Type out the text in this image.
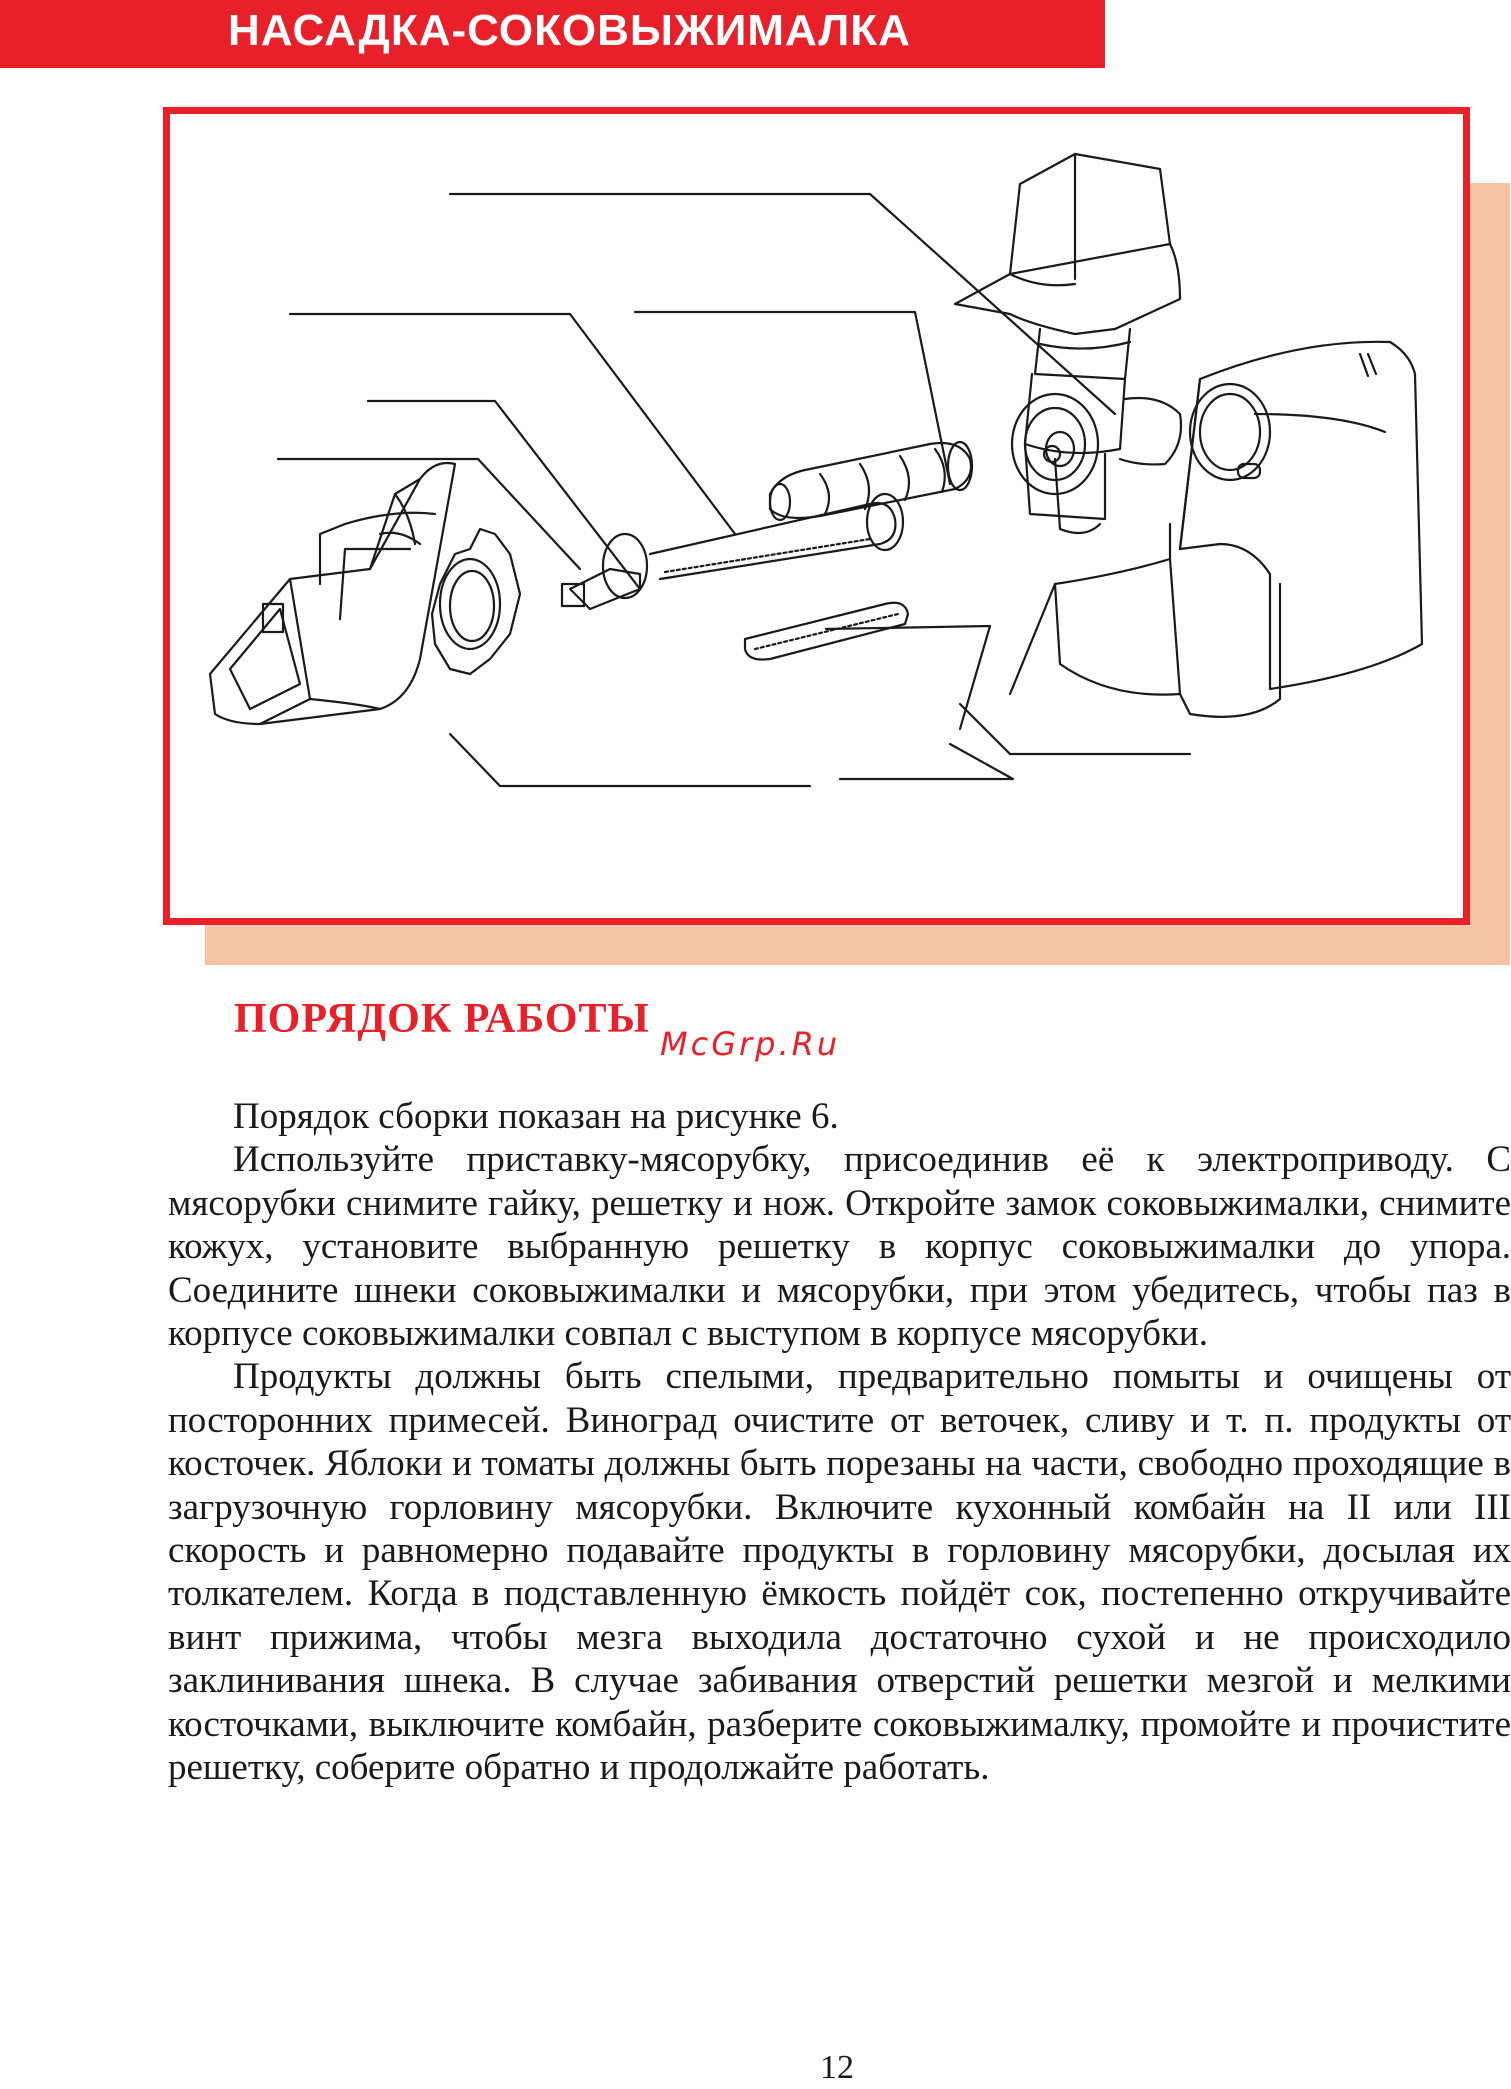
НАСАДКА-СОКОВЫЖИМАЛКА
ПОРЯДОК РАБОТЫ
McGrp.Ru

Порядок сборки показан на рисунке 6.

Используйте приставку-мясорубку, присоединив её к электроприводу. С мясорубки снимите гайку, решетку и нож. Откройте замок соковыжималки, снимите кожух, установите выбранную решетку в корпус соковыжималки до упора. Соедините шнеки соковыжималки и мясорубки, при этом убедитесь, чтобы паз в корпусе соковыжималки совпал с выступом в корпусе мясорубки.

Продукты должны быть спелыми, предварительно помыты и очищены от посторонних примесей. Виноград очистите от веточек, сливу и т. п. продукты от косточек. Яблоки и томаты должны быть порезаны на части, свободно проходящие в загрузочную горловину мясорубки. Включите кухонный комбайн на II или III скорость и равномерно подавайте продукты в горловину мясорубки, досылая их толкателем. Когда в подставленную ёмкость пойдёт сок, постепенно откручивайте винт прижима, чтобы мезга выходила достаточно сухой и не происходило заклинивания шнека. В случае забивания отверстий решетки мезгой и мелкими косточками, выключите комбайн, разберите соковыжималку, промойте и прочистите решетку, соберите обратно и продолжайте работать.

12
